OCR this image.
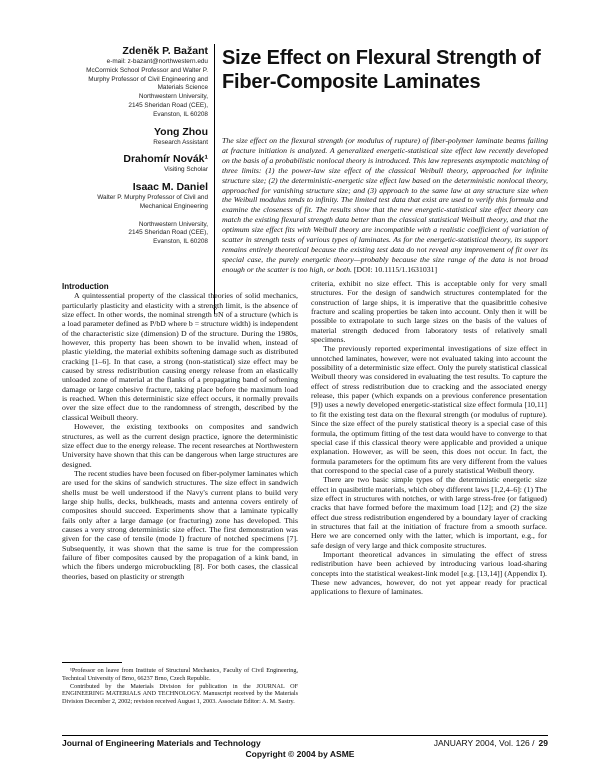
Zdeněk P. Bažant
e-mail: z-bazant@northwestern.edu
McCormick School Professor and Walter P.
Murphy Professor of Civil Engineering and
Materials Science
Northwestern University,
2145 Sheridan Road (CEE),
Evanston, IL 60208
Yong Zhou
Research Assistant
Drahomír Novák¹
Visiting Scholar
Isaac M. Daniel
Walter P. Murphy Professor of Civil and
Mechanical Engineering
Northwestern University,
2145 Sheridan Road (CEE),
Evanston, IL 60208
Size Effect on Flexural Strength of Fiber-Composite Laminates

The size effect on the flexural strength (or modulus of rupture) of fiber-polymer laminate beams failing at fracture initiation is analyzed. A generalized energetic-statistical size effect law recently developed on the basis of a probabilistic nonlocal theory is introduced. This law represents asymptotic matching of three limits: (1) the power-law size effect of the classical Weibull theory, approached for infinite structure size; (2) the deterministic-energetic size effect law based on the deterministic nonlocal theory, approached for vanishing structure size; and (3) approach to the same law at any structure size when the Weibull modulus tends to infinity. The limited test data that exist are used to verify this formula and examine the closeness of fit. The results show that the new energetic-statistical size effect theory can match the existing flexural strength data better than the classical statistical Weibull theory, and that the optimum size effect fits with Weibull theory are incompatible with a realistic coefficient of variation of scatter in strength tests of various types of laminates. As for the energetic-statistical theory, its support remains entirely theoretical because the existing test data do not reveal any improvement of fit over its special case, the purely energetic theory—probably because the size range of the data is not broad enough or the scatter is too high, or both. [DOI: 10.1115/1.1631031]

Introduction

A quintessential property of the classical theories of solid mechanics, particularly plasticity and elasticity with a strength limit, is the absence of size effect. In other words, the nominal strength σN of a structure (which is a load parameter defined as P/bD where b = structure width) is independent of the characteristic size (dimension) D of the structure. During the 1980s, however, this property has been shown to be invalid when, instead of plastic yielding, the material exhibits softening damage such as distributed cracking [1–6]. In that case, a strong (non-statistical) size effect may be caused by stress redistribution causing energy release from an elastically unloaded zone of material at the flanks of a propagating band of softening damage or large cohesive fracture, taking place before the maximum load is reached. When this deterministic size effect occurs, it normally prevails over the size effect due to the randomness of strength, described by the classical Weibull theory.

However, the existing textbooks on composites and sandwich structures, as well as the current design practice, ignore the deterministic size effect due to the energy release. The recent researches at Northwestern University have shown that this can be dangerous when large structures are designed.

The recent studies have been focused on fiber-polymer laminates which are used for the skins of sandwich structures. The size effect in sandwich shells must be well understood if the Navy's current plans to build very large ship hulls, decks, bulkheads, masts and antenna covers entirely of composites should succeed. Experiments show that a laminate typically fails only after a large damage (or fracturing) zone has developed. This causes a very strong deterministic size effect. The first demonstration was given for the case of tensile (mode I) fracture of notched specimens [7]. Subsequently, it was shown that the same is true for the compression failure of fiber composites caused by the propagation of a kink band, in which the fibers undergo microbuckling [8]. For both cases, the classical theories, based on plasticity or strength

criteria, exhibit no size effect. This is acceptable only for very small structures. For the design of sandwich structures contemplated for the construction of large ships, it is imperative that the quasibrittle cohesive fracture and scaling properties be taken into account. Only then it will be possible to extrapolate to such large sizes on the basis of the values of material strength deduced from laboratory tests of relatively small specimens.

The previously reported experimental investigations of size effect in unnotched laminates, however, were not evaluated taking into account the possibility of a deterministic size effect. Only the purely statistical classical Weibull theory was considered in evaluating the test results. To capture the effect of stress redistribution due to cracking and the associated energy release, this paper (which expands on a previous conference presentation [9]) uses a newly developed energetic-statistical size effect formula [10,11] to fit the existing test data on the flexural strength (or modulus of rupture). Since the size effect of the purely statistical theory is a special case of this formula, the optimum fitting of the test data would have to converge to that special case if this classical theory were applicable and provided a unique explanation. However, as will be seen, this does not occur. In fact, the formula parameters for the optimum fits are very different from the values that correspond to the special case of a purely statistical Weibull theory.

There are two basic simple types of the deterministic energetic size effect in quasibrittle materials, which obey different laws [1,2,4–6]: (1) The size effect in structures with notches, or with large stress-free (or fatigued) cracks that have formed before the maximum load [12]; and (2) the size effect due stress redistribution engendered by a boundary layer of cracking in structures that fail at the initiation of fracture from a smooth surface. Here we are concerned only with the latter, which is important, e.g., for safe design of very large and thick composite structures.

Important theoretical advances in simulating the effect of stress redistribution have been achieved by introducing various load-sharing concepts into the statistical weakest-link model [e.g. [13,14]] (Appendix I). These new advances, however, do not yet appear ready for practical applications to flexure of laminates.

¹Professor on leave from Institute of Structural Mechanics, Faculty of Civil Engineering, Technical University of Brno, 66237 Brno, Czech Republic.

Contributed by the Materials Division for publication in the JOURNAL OF ENGINEERING MATERIALS AND TECHNOLOGY. Manuscript received by the Materials Division December 2, 2002; revision received August 1, 2003. Associate Editor: A. M. Sastry.

Journal of Engineering Materials and Technology	JANUARY 2004, Vol. 126 / 29
Copyright © 2004 by ASME
